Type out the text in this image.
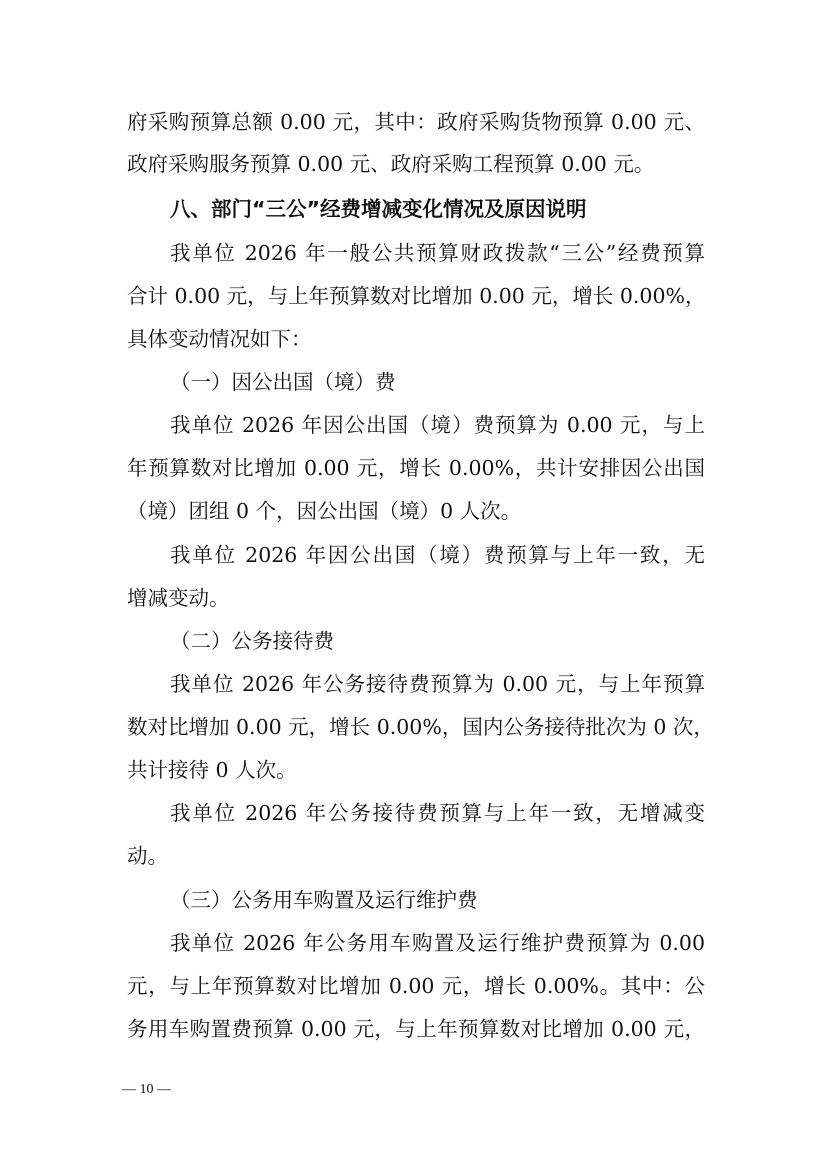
府采购预算总额 0.00 元，其中：政府采购货物预算 0.00 元、

政府采购服务预算 0.00 元、政府采购工程预算 0.00 元。

八、部门“三公”经费增减变化情况及原因说明

我单位 2026 年一般公共预算财政拨款“三公”经费预算

合计 0.00 元，与上年预算数对比增加 0.00 元，增长 0.00%，

具体变动情况如下：

（一）因公出国（境）费

我单位 2026 年因公出国（境）费预算为 0.00 元，与上

年预算数对比增加 0.00 元，增长 0.00%，共计安排因公出国

（境）团组 0 个，因公出国（境）0 人次。

我单位 2026 年因公出国（境）费预算与上年一致，无

增减变动。

（二）公务接待费

我单位 2026 年公务接待费预算为 0.00 元，与上年预算

数对比增加 0.00 元，增长 0.00%，国内公务接待批次为 0 次，

共计接待 0 人次。

我单位 2026 年公务接待费预算与上年一致，无增减变

动。

（三）公务用车购置及运行维护费

我单位 2026 年公务用车购置及运行维护费预算为 0.00

元，与上年预算数对比增加 0.00 元，增长 0.00%。其中：公

务用车购置费预算 0.00 元，与上年预算数对比增加 0.00 元，

— 10 —
